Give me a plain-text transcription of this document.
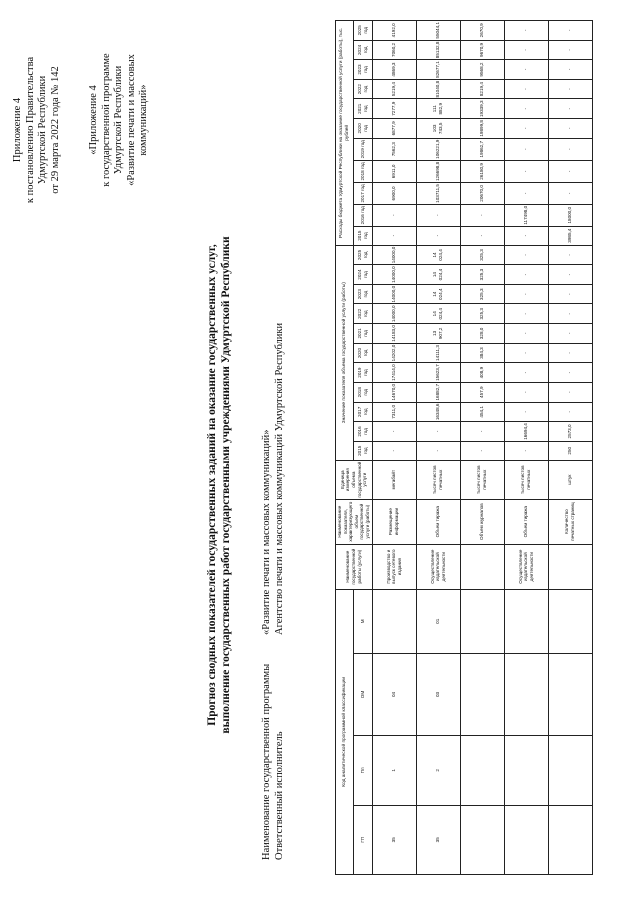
Приложение 4 к постановлению Правительства Удмуртской Республики от 29 марта 2022 года № 142	«Приложение 4 к государственной программе Удмуртской Республики «Развитие печати и массовых коммуникаций»
Прогноз сводных показателей государственных заданий на оказание государственных услуг, выполнение государственных работ государственными учреждениями Удмуртской Республики
Наименование государственной программы
«Развитие печати и массовых коммуникаций»
Ответственный исполнитель
Агентство печати и массовых коммуникаций Удмуртской Республики
Код аналитической программной классификации				Наименование государственной работы (услуги)	Наименование показателя, характеризующего объем государственной услуги (работы)	Единица измерения объема государственной услуги	Значение показателя объема государственной услуги (работы)											Расходы бюджета Удмуртской Республики на оказание государственной услуги (работы), тыс. рублей										
ГП	Пп	ОМ	М				2015 год	2016 год	2017 год	2018 год	2019 год	2020 год	2021 год	2022 год	2023 год	2024 год	2025 год	2015 год	2016 год	2017 год	2018 год	2019 год	2020 год	2021 год	2022 год	2023 год	2024 год	2025 год
35	1	04		Производство и выпуск сетевого издания	Размещение информации	мегабайт	-	-	7311,0	14670,0	17414,0	14202,0	14183,0	14000,0	14000,0	14000,0	14000,0	-	-	6900,0	6911,0	7562,3	6877,9	7277,9	5219,4	4869,3	7060,2	4192,0
35	2	03	01	Осуществление издательской деятельности	Объем тиража	тысяч листов печатных	-	-	16348,6	16882,7	15623,7	14111,3	13 907,2	14 024,4	14 024,4	14 024,4	14 024,4	-	-	103711,5	126698,8	106221,9	103 743,5	111 882,9	81040,8	82677,1	85132,8	55044,1
					Объем журналов	тысяч листов печатных	-	-	454,1	457,9	408,9	384,3	328,0	325,3	325,3	325,3	325,3	-	-	20670,0	26180,9	19862,7	19899,8	19339,3	8219,4	9568,2	9670,9	2670,9
				Осуществление издательской деятельности	Объем тиража	тысяч листов печатных	-	16694,4	-	-	-	-	-	-	-	-	-	-	117498,0	-	-	-	-	-	-	-	-	-
					Количество печатных страниц	штук	250	2573,0	-	-	-	-	-	-	-	-	-	3985,4	18000,0	-	-	-	-	-	-	-	-	-
